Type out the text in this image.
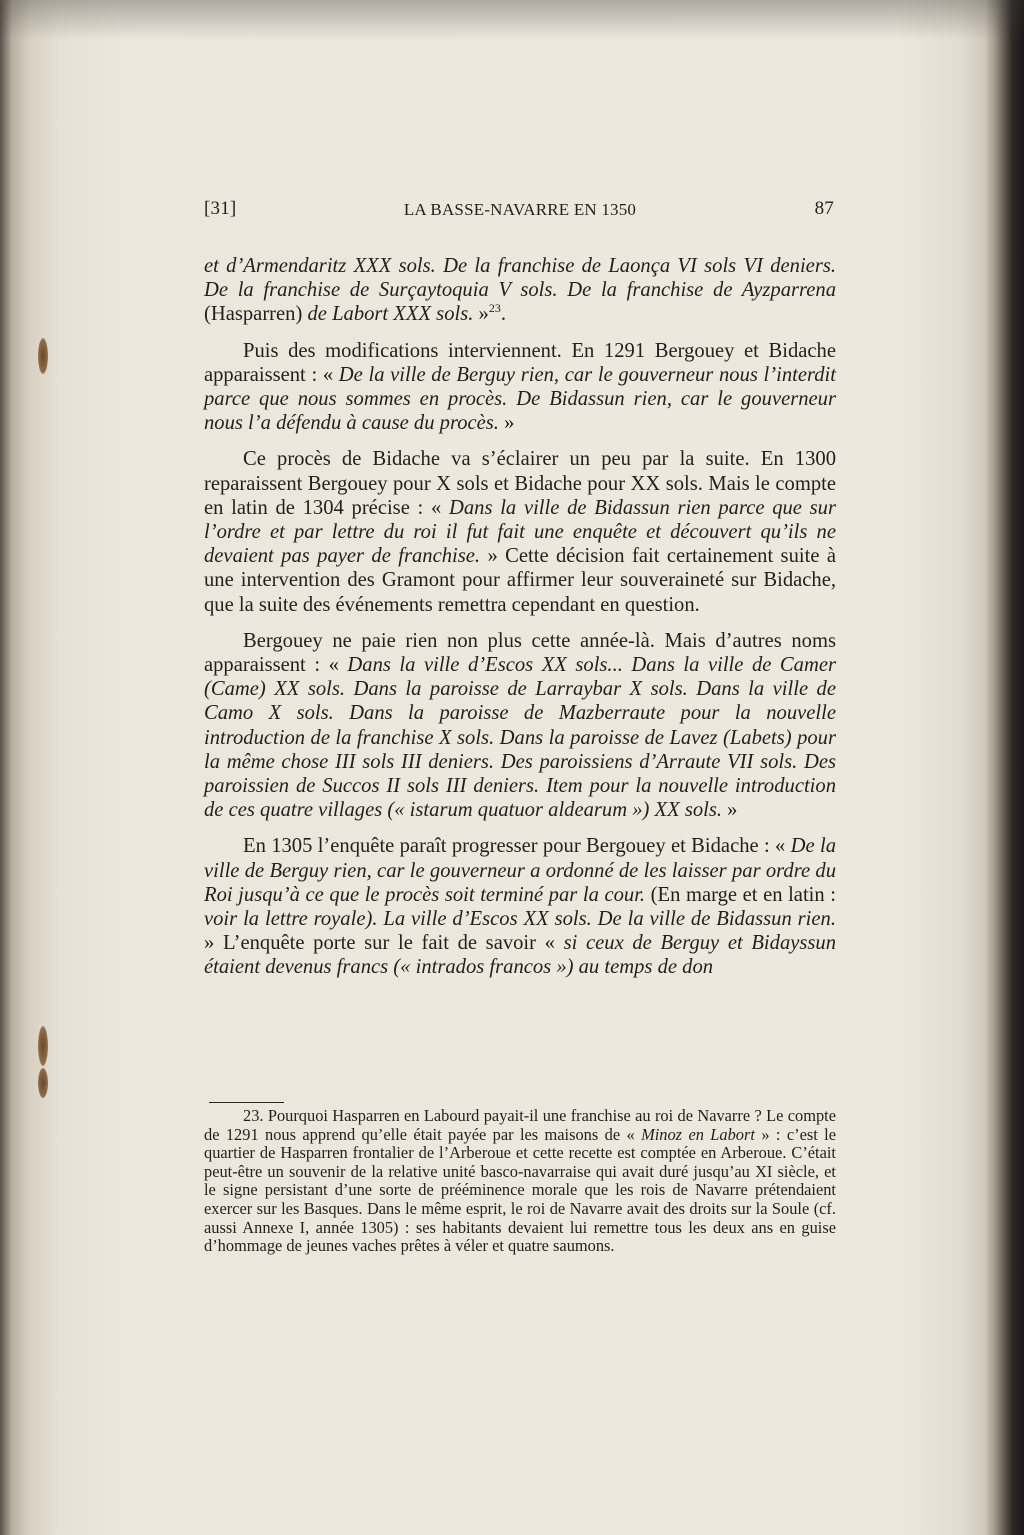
[31]	LA BASSE-NAVARRE EN 1350	87

et d’Armendaritz XXX sols. De la franchise de Laonça VI sols VI deniers. De la franchise de Surçaytoquia V sols. De la franchise de Ayzparrena (Hasparren) de Labort XXX sols. »$^{23}$.

Puis des modifications interviennent. En 1291 Bergouey et Bidache apparaissent : « De la ville de Berguy rien, car le gouverneur nous l’interdit parce que nous sommes en procès. De Bidassun rien, car le gouverneur nous l’a défendu à cause du procès. »

Ce procès de Bidache va s’éclairer un peu par la suite. En 1300 reparaissent Bergouey pour X sols et Bidache pour XX sols. Mais le compte en latin de 1304 précise : « Dans la ville de Bidassun rien parce que sur l’ordre et par lettre du roi il fut fait une enquête et découvert qu’ils ne devaient pas payer de franchise. » Cette décision fait certainement suite à une intervention des Gramont pour affirmer leur souveraineté sur Bidache, que la suite des événements remettra cependant en question.

Bergouey ne paie rien non plus cette année-là. Mais d’autres noms apparaissent : « Dans la ville d’Escos XX sols... Dans la ville de Camer (Came) XX sols. Dans la paroisse de Larraybar X sols. Dans la ville de Camo X sols. Dans la paroisse de Mazberraute pour la nouvelle introduction de la franchise X sols. Dans la paroisse de Lavez (Labets) pour la même chose III sols III deniers. Des paroissiens d’Arraute VII sols. Des paroissien de Succos II sols III deniers. Item pour la nouvelle introduction de ces quatre villages (« istarum quatuor aldearum ») XX sols. »

En 1305 l’enquête paraît progresser pour Bergouey et Bidache : « De la ville de Berguy rien, car le gouverneur a ordonné de les laisser par ordre du Roi jusqu’à ce que le procès soit terminé par la cour. (En marge et en latin : voir la lettre royale). La ville d’Escos XX sols. De la ville de Bidassun rien. » L’enquête porte sur le fait de savoir « si ceux de Berguy et Bidayssun étaient devenus francs (« intrados francos ») au temps de don

23. Pourquoi Hasparren en Labourd payait-il une franchise au roi de Navarre ? Le compte de 1291 nous apprend qu’elle était payée par les maisons de « Minoz en Labort » : c’est le quartier de Hasparren frontalier de l’Arberoue et cette recette est comptée en Arberoue. C’était peut-être un souvenir de la relative unité basco-navarraise qui avait duré jusqu’au XI siècle, et le signe persistant d’une sorte de prééminence morale que les rois de Navarre prétendaient exercer sur les Basques. Dans le même esprit, le roi de Navarre avait des droits sur la Soule (cf. aussi Annexe I, année 1305) : ses habitants devaient lui remettre tous les deux ans en guise d’hommage de jeunes vaches prêtes à véler et quatre saumons.
